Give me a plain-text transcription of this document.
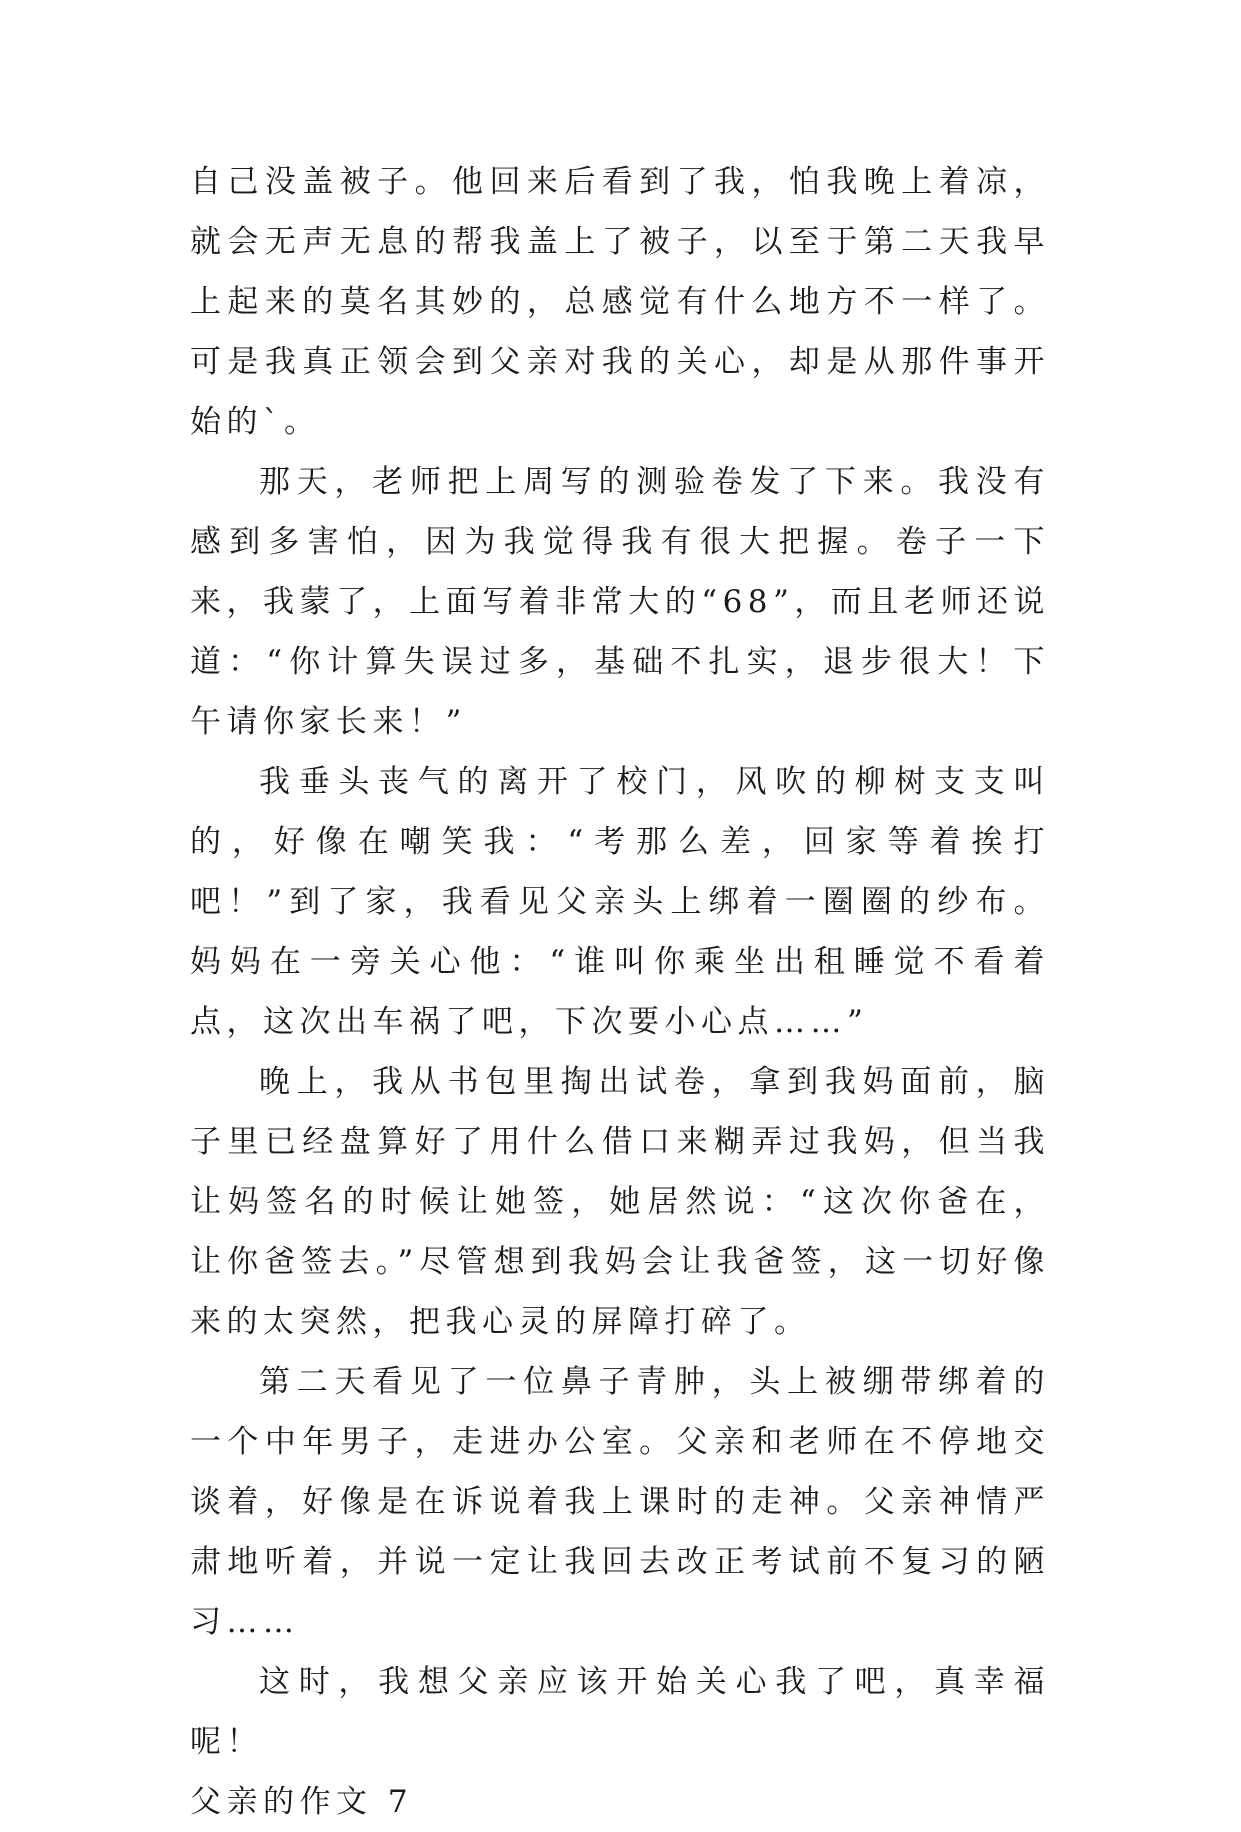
自己没盖被子。他回来后看到了我，怕我晚上着凉，就会无声无息的帮我盖上了被子，以至于第二天我早上起来的莫名其妙的，总感觉有什么地方不一样了。可是我真正领会到父亲对我的关心，却是从那件事开始的`。

那天，老师把上周写的测验卷发了下来。我没有感到多害怕，因为我觉得我有很大把握。卷子一下来，我蒙了，上面写着非常大的“68”，而且老师还说道：“你计算失误过多，基础不扎实，退步很大！下午请你家长来！”

我垂头丧气的离开了校门，风吹的柳树支支叫的，好像在嘲笑我：“考那么差，回家等着挨打吧！”到了家，我看见父亲头上绑着一圈圈的纱布。妈妈在一旁关心他：“谁叫你乘坐出租睡觉不看着点，这次出车祸了吧，下次要小心点……”

晚上，我从书包里掏出试卷，拿到我妈面前，脑子里已经盘算好了用什么借口来糊弄过我妈，但当我让妈签名的时候让她签，她居然说：“这次你爸在，让你爸签去。”尽管想到我妈会让我爸签，这一切好像来的太突然，把我心灵的屏障打碎了。

第二天看见了一位鼻子青肿，头上被绷带绑着的一个中年男子，走进办公室。父亲和老师在不停地交谈着，好像是在诉说着我上课时的走神。父亲神情严肃地听着，并说一定让我回去改正考试前不复习的陋习……

这时，我想父亲应该开始关心我了吧，真幸福呢！

父亲的作文 7
